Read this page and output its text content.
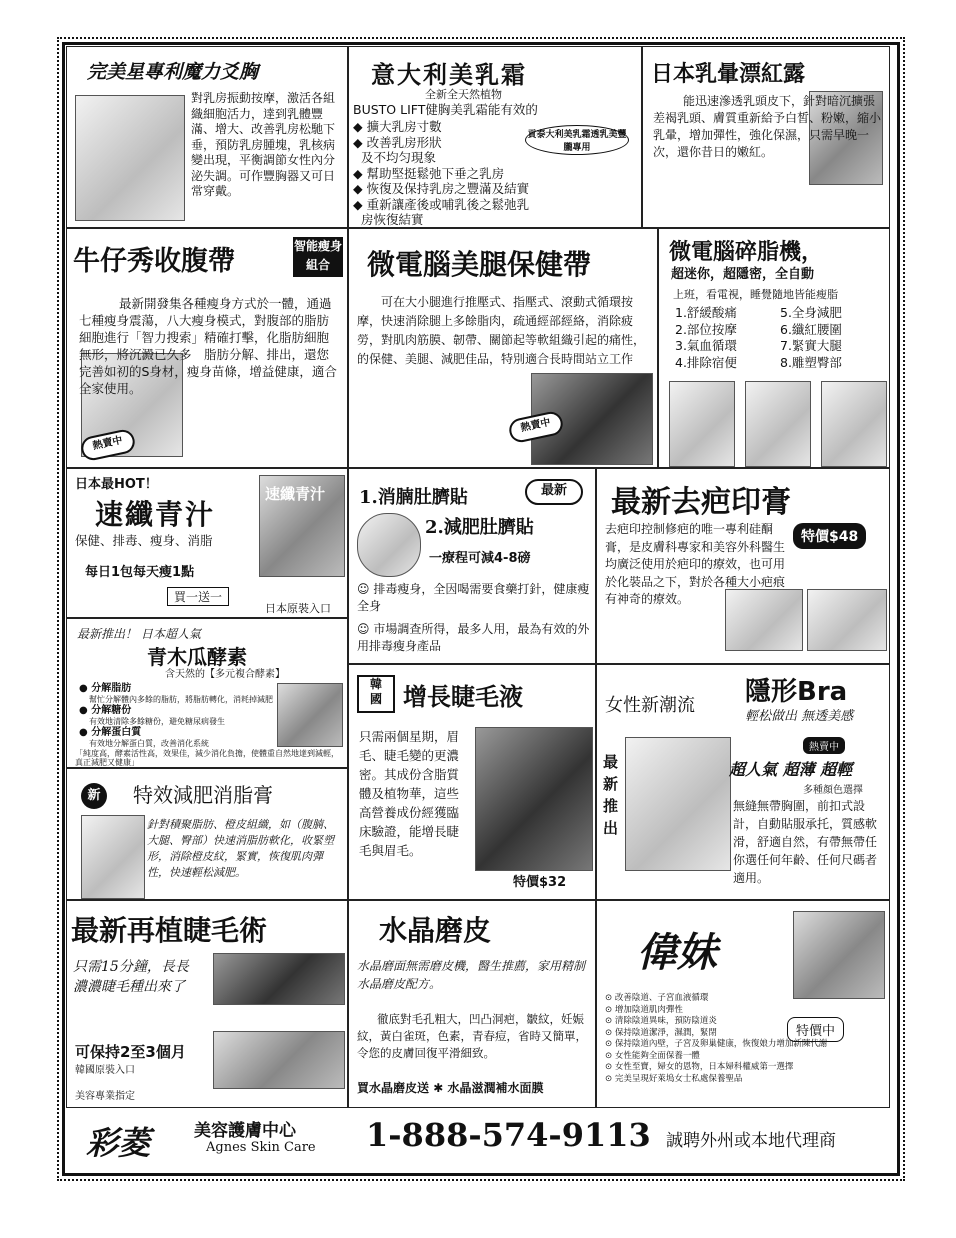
完美星專利魔力爻胸
對乳房振動按摩，激活各組織細胞活力，達到乳體豐滿、增大、改善乳房松馳下垂，預防乳房腫塊，乳核病變出現，平衡調節女性內分泌失調。可作豐胸器又可日常穿戴。
意大利美乳霜
全新全天然植物
BUSTO LIFT健胸美乳霜能有效的
◆ 擴大乳房寸數
◆ 改善乳房形狀
及不均匀現象
◆ 幫助堅挺鬆弛下垂之乳房
◆ 恢復及保持乳房之豐滿及結實
◆ 重新讓產後或哺乳後之鬆弛乳
房恢復結實
貢泰大利美乳霜透乳美豐朧專用
日本乳暈漂紅露
能迅速滲透乳頭皮下，針對暗沉擴張差褐乳頭、膚質重新給予白皙、粉嫩，縮小乳暈，增加彈性，強化保濕，只需早晚一次，還你昔日的嫩紅。
牛仔秀收腹帶	智能瘦身組合
熱賣中
最新開發集各種瘦身方式於一體，通過七種瘦身震蕩，八大瘦身模式，對腹部的脂肪細胞進行「智力搜索」精確打擊，化脂肪細胞無形，將沉澱已久多　脂肪分解、排出，還您完善如初的S身材，瘦身苗條，增益健康，適合全家使用。
微電腦美腿保健帶
可在大小腿進行推壓式、指壓式、滾動式循環按摩，快速消除腿上多餘脂肉，疏通經部經絡，消除疲勞，對肌肉筋膜、韌帶、關節起等軟組織引起的痛性，的保健、美腿、減肥佳品，特別適合長時間站立工作
熱賣中
微電腦碎脂機，
超迷你，超隱密，全自動
上班，看電視，睡覺隨地皆能瘦脂
1.舒緩酸痛	5.全身減肥
2.部位按摩	6.纖紅腰圍
3.氣血循環	7.緊實大腿
4.排除宿便	8.雕塑臀部
日本最HOT！
速纖青汁
保健、排毒、瘦身、消脂
每日1包每天瘦1點
買一送一
速纖青汁
日本原裝入口
1.消腩肚臍貼	最新
2.減肥肚臍貼
一療程可減4-8磅
☺ 排毒瘦身，全因喝需要食藥打針，健康瘦全身
☺ 市場調查所得，最多人用，最為有效的外用排毒瘦身產品
最新去疤印膏
特價$48
去疤印控制修疤的唯一專利硅酮膏，是皮膚科專家和美容外科醫生均廣泛使用於疤印的療效，也可用於化裝品之下，對於各種大小疤痕有神奇的療效。
最新推出！ 日本超人氣
青木瓜酵素
含天然的【多元複合酵素】
● 分解脂肪
幫忙分解體內多餘的脂肪，將脂肪轉化，消耗掉減肥
● 分解糖份
有效地清除多餘糖份，避免糖尿病發生
● 分解蛋白質
有效地分解蛋白質，改善消化系統
「純度高，酵素活性高，效果佳，減少消化負擔，使體重自然地達到減輕，真正減肥又健康」
韓
國 增長睫毛液
只需兩個星期，眉毛、睫毛變的更濃密。其成份含脂質體及植物華，這些高營養成份經獲臨床驗證，能增長睫毛與眉毛。
特價$32
女性新潮流 隱形Bra
輕松做出 無透美感
最新推出
熱賣中
超人氣 超薄 超輕
多種顏色選擇
無縫無帶胸圍，前扣式設計，自動貼服承托，質感軟滑，舒適自然，有帶無帶任你選任何年齡、任何尺碼者適用。
新	特效減肥消脂膏
針對積聚脂肪、橙皮組織，如（腹腩、大腿、臀部）快速消脂肪軟化，收緊塑形，消除橙皮紋，緊實，恢復肌肉彈性，快速輕松減肥。
最新再植睫毛術
只需15分鐘，長長濃濃睫毛種出來了
可保持2至3個月
韓國原裝入口
美容專業指定
水晶磨皮
水晶磨面無需磨皮機，醫生推薦，家用精制水晶磨皮配方。
徹底對毛孔粗大，凹凸洞疤，皺紋，妊娠紋，黃白雀斑，色素，青春痘，省時又簡單，令您的皮膚回復平滑細致。
買水晶磨皮送 ✱ 水晶滋潤補水面膜
偉妹
特價中
⊙ 改善陰道、子宮血液循環
⊙ 增加陰道肌肉彈性
⊙ 清除陰道異味，預防陰道炎
⊙ 保持陰道潔淨，濕潤，緊閉
⊙ 保持陰道內壁，子宮及卵巢健康，恢復娘力增加新陳代謝
⊙ 女性能夠全面保養一體
⊙ 女性至寶，婦女的恩物，日本婦科權威第一選擇
⊙ 完美呈現好萊塢女士私處保養聖品
彩菱	美容護膚中心
Agnes Skin Care 1-888-574-9113 誠聘外州或本地代理商
